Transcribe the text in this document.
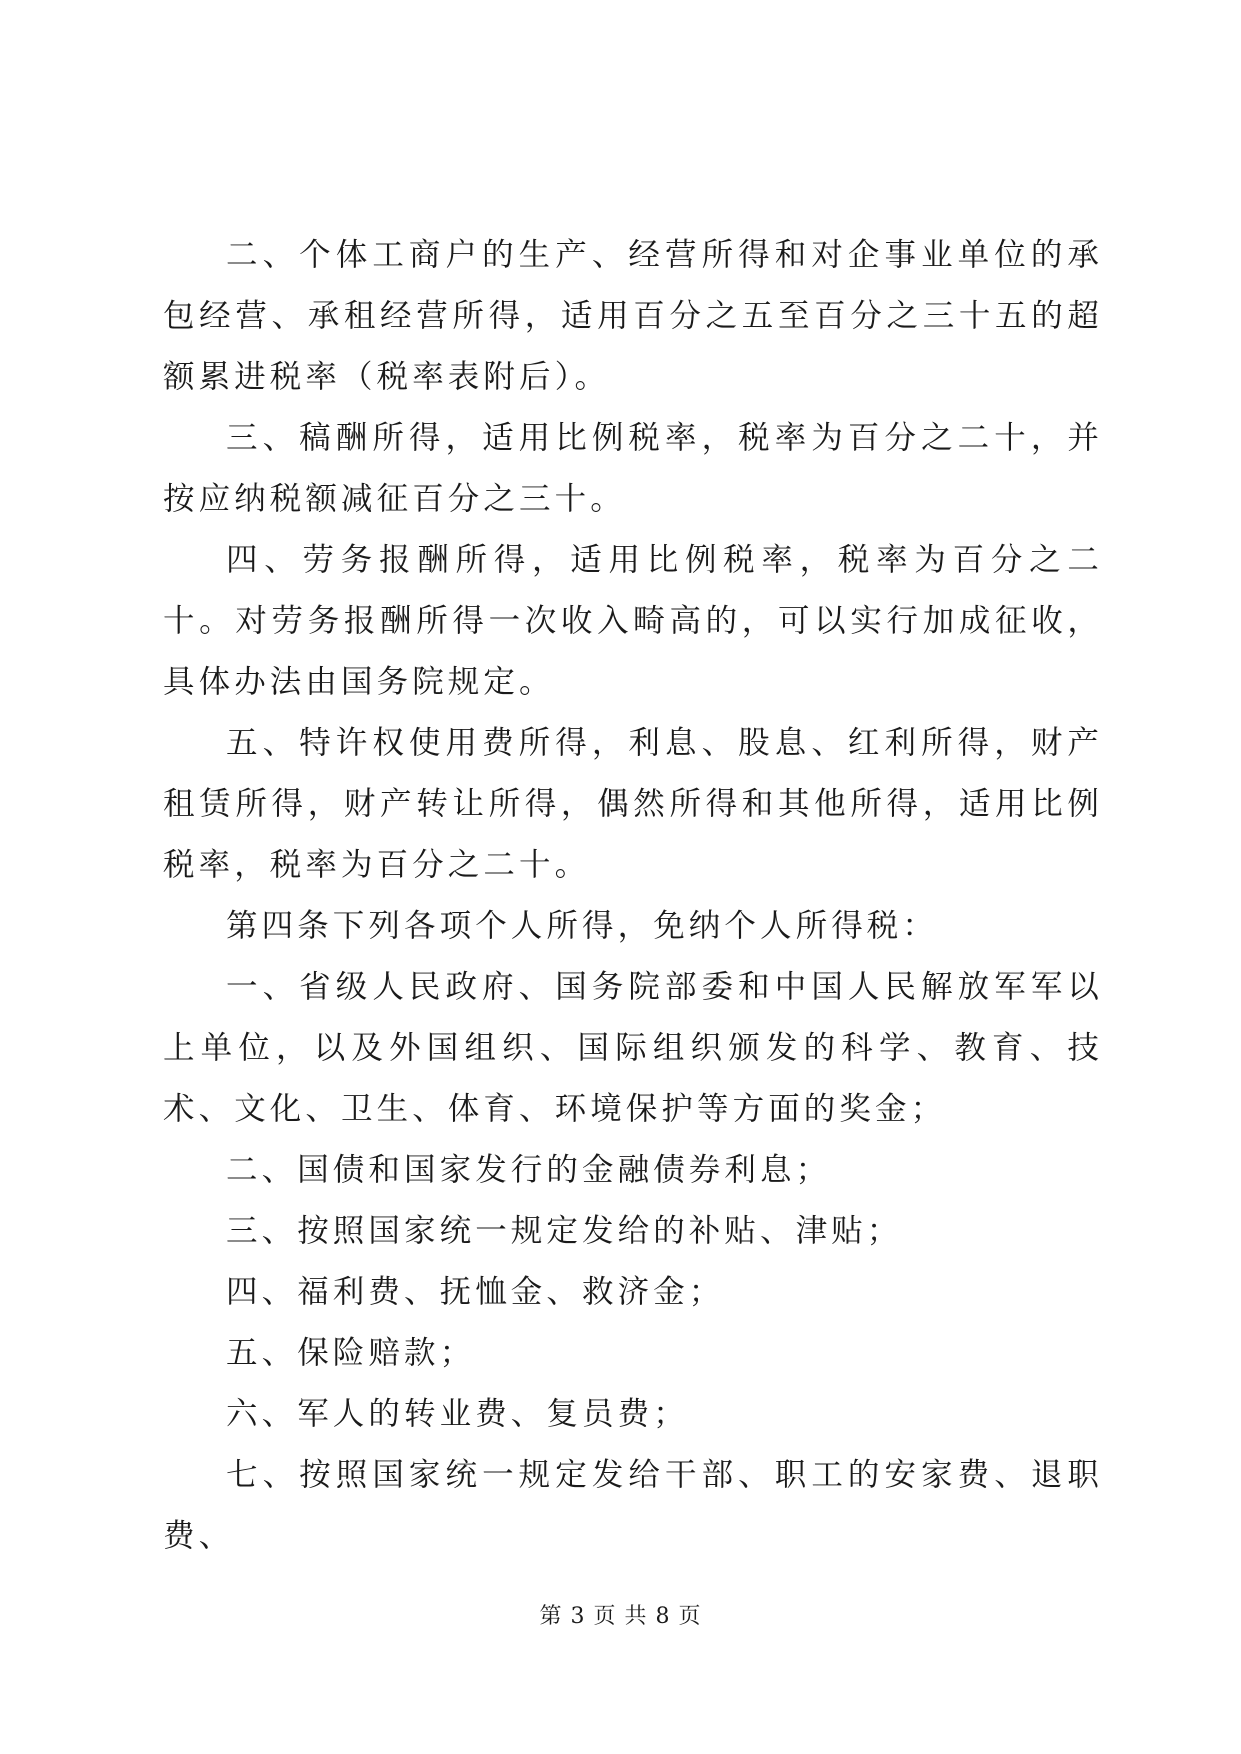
二、个体工商户的生产、经营所得和对企事业单位的承包经营、承租经营所得，适用百分之五至百分之三十五的超额累进税率（税率表附后）。

三、稿酬所得，适用比例税率，税率为百分之二十，并按应纳税额减征百分之三十。

四、劳务报酬所得，适用比例税率，税率为百分之二十。对劳务报酬所得一次收入畸高的，可以实行加成征收，具体办法由国务院规定。

五、特许权使用费所得，利息、股息、红利所得，财产租赁所得，财产转让所得，偶然所得和其他所得，适用比例税率，税率为百分之二十。

第四条下列各项个人所得，免纳个人所得税：

一、省级人民政府、国务院部委和中国人民解放军军以上单位，以及外国组织、国际组织颁发的科学、教育、技术、文化、卫生、体育、环境保护等方面的奖金；

二、国债和国家发行的金融债券利息；

三、按照国家统一规定发给的补贴、津贴；

四、福利费、抚恤金、救济金；

五、保险赔款；

六、军人的转业费、复员费；

七、按照国家统一规定发给干部、职工的安家费、退职费、

第 3 页 共 8 页
